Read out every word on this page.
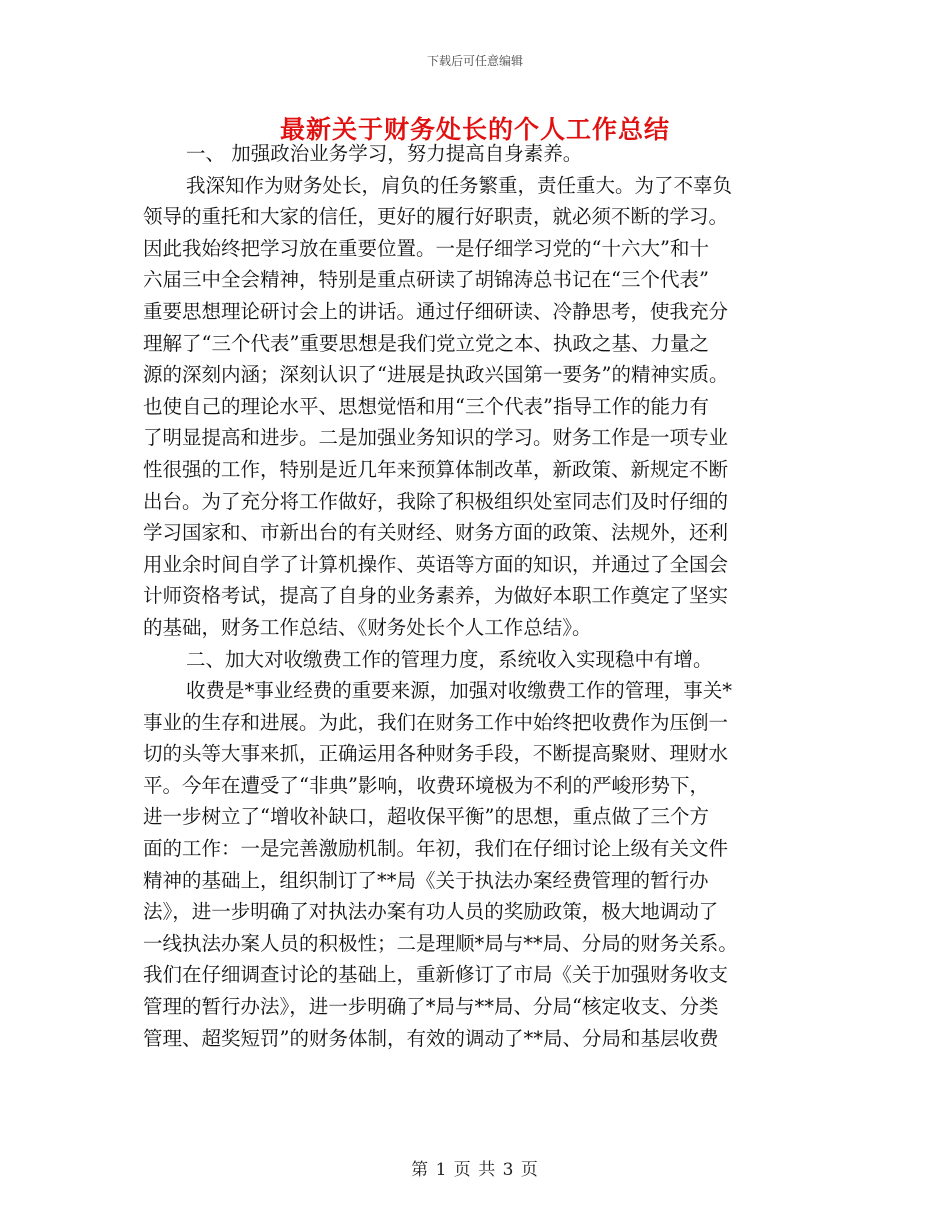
下载后可任意编辑
最新关于财务处长的个人工作总结
一、 加强政治业务学习，努力提高自身素养。
我深知作为财务处长，肩负的任务繁重，责任重大。为了不辜负
领导的重托和大家的信任，更好的履行好职责，就必须不断的学习。
因此我始终把学习放在重要位置。一是仔细学习党的“十六大”和十
六届三中全会精神，特别是重点研读了胡锦涛总书记在“三个代表”
重要思想理论研讨会上的讲话。通过仔细研读、冷静思考，使我充分
理解了“三个代表”重要思想是我们党立党之本、执政之基、力量之
源的深刻内涵；深刻认识了“进展是执政兴国第一要务”的精神实质。
也使自己的理论水平、思想觉悟和用“三个代表”指导工作的能力有
了明显提高和进步。二是加强业务知识的学习。财务工作是一项专业
性很强的工作，特别是近几年来预算体制改革，新政策、新规定不断
出台。为了充分将工作做好，我除了积极组织处室同志们及时仔细的
学习国家和、市新出台的有关财经、财务方面的政策、法规外，还利
用业余时间自学了计算机操作、英语等方面的知识，并通过了全国会
计师资格考试，提高了自身的业务素养，为做好本职工作奠定了坚实
的基础，财务工作总结、《财务处长个人工作总结》。
二、加大对收缴费工作的管理力度，系统收入实现稳中有增。
收费是*事业经费的重要来源，加强对收缴费工作的管理，事关*
事业的生存和进展。为此，我们在财务工作中始终把收费作为压倒一
切的头等大事来抓，正确运用各种财务手段，不断提高聚财、理财水
平。今年在遭受了“非典”影响，收费环境极为不利的严峻形势下，
进一步树立了“增收补缺口，超收保平衡”的思想，重点做了三个方
面的工作：一是完善激励机制。年初，我们在仔细讨论上级有关文件
精神的基础上，组织制订了**局《关于执法办案经费管理的暂行办
法》，进一步明确了对执法办案有功人员的奖励政策，极大地调动了
一线执法办案人员的积极性；二是理顺*局与**局、分局的财务关系。
我们在仔细调查讨论的基础上，重新修订了市局《关于加强财务收支
管理的暂行办法》，进一步明确了*局与**局、分局“核定收支、分类
管理、超奖短罚”的财务体制，有效的调动了**局、分局和基层收费
第 1 页 共 3 页
